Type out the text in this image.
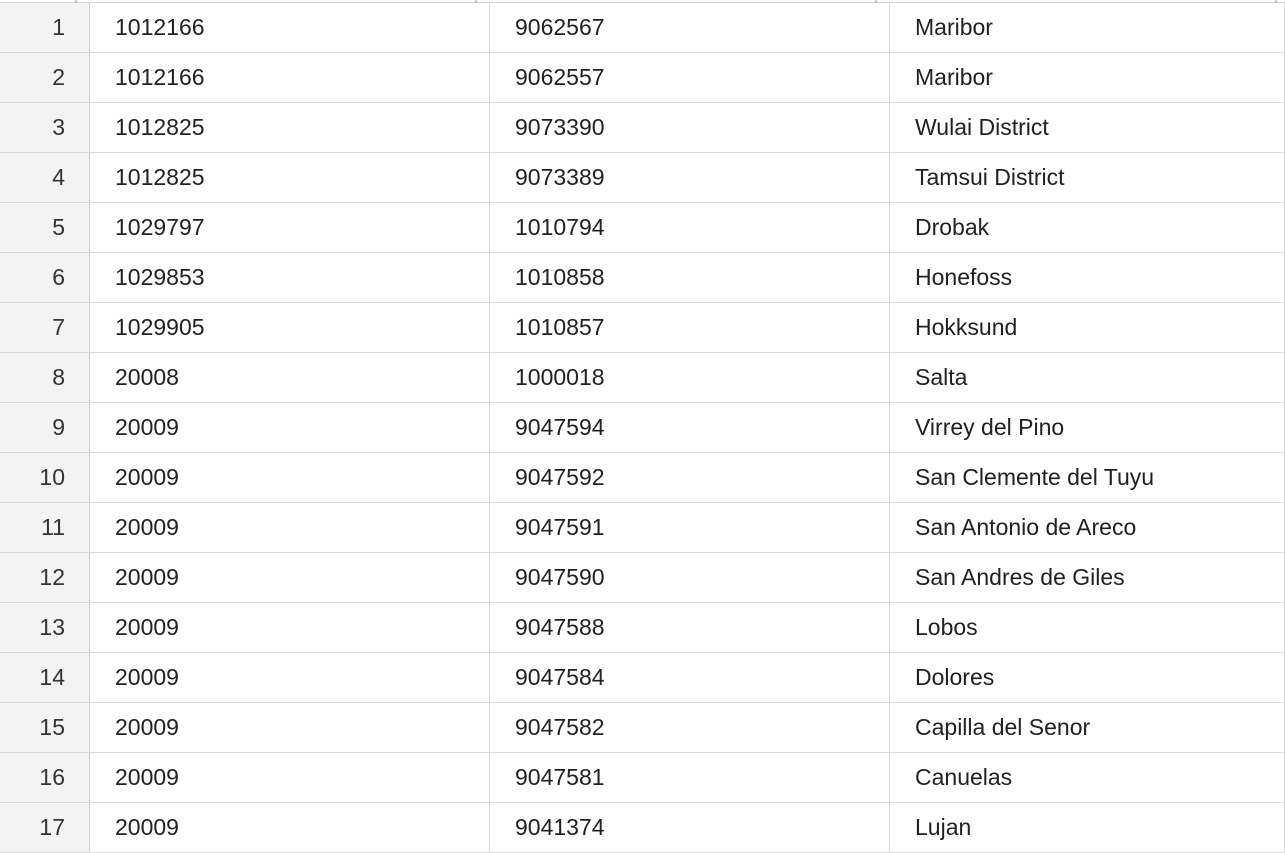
˅	˅	˅
1	1012166	9062567	Maribor
2	1012166	9062557	Maribor
3	1012825	9073390	Wulai District
4	1012825	9073389	Tamsui District
5	1029797	1010794	Drobak
6	1029853	1010858	Honefoss
7	1029905	1010857	Hokksund
8	20008	1000018	Salta
9	20009	9047594	Virrey del Pino
10	20009	9047592	San Clemente del Tuyu
11	20009	9047591	San Antonio de Areco
12	20009	9047590	San Andres de Giles
13	20009	9047588	Lobos
14	20009	9047584	Dolores
15	20009	9047582	Capilla del Senor
16	20009	9047581	Canuelas
17	20009	9041374	Lujan
